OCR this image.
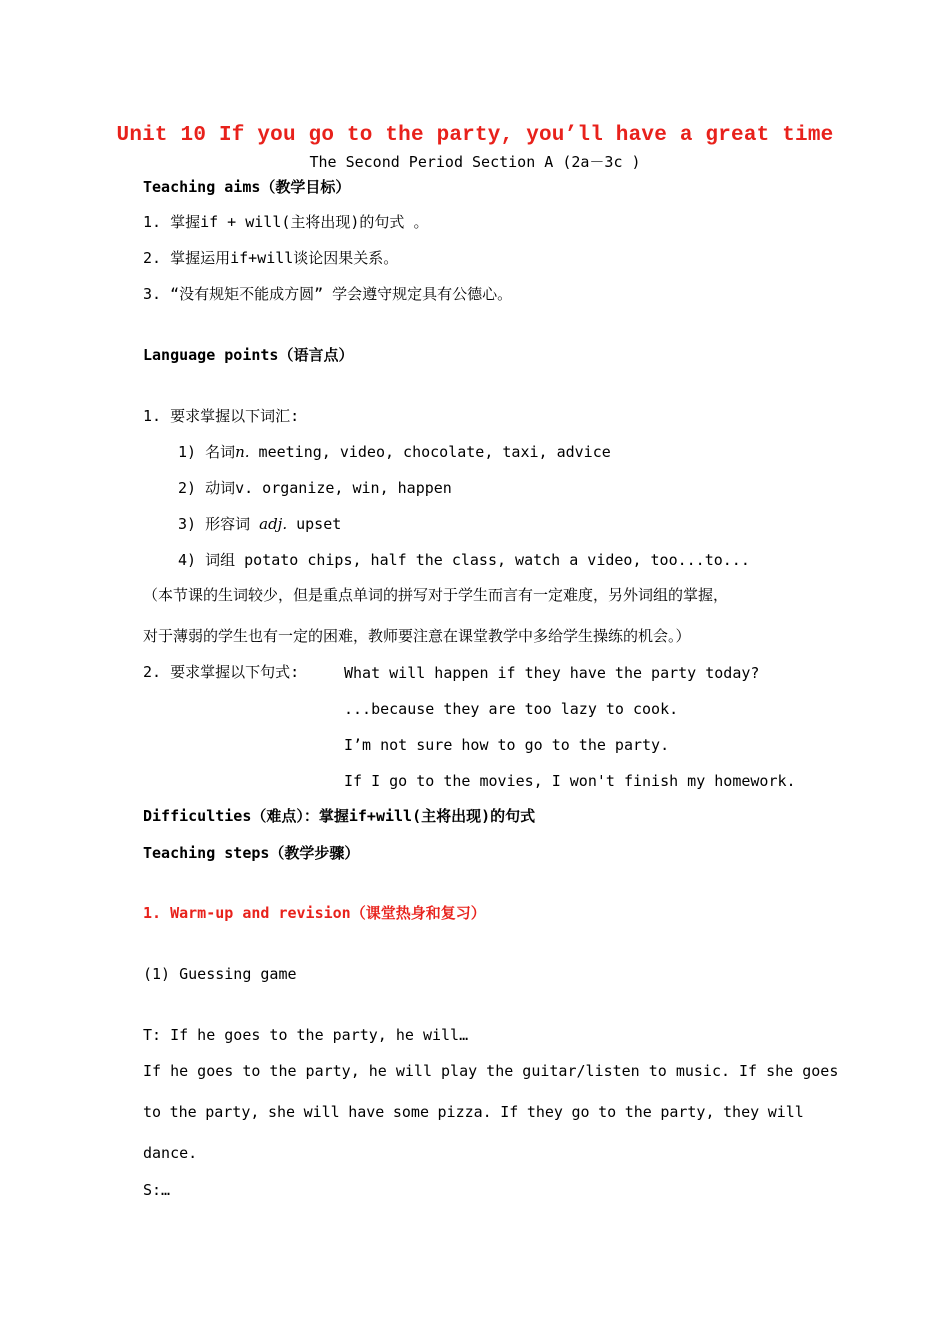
Unit 10 If you go to the party, you’ll have a great time
The Second Period Section A (2a－3c )
Teaching aims（教学目标）
1. 掌握if + will(主将出现)的句式 。
2. 掌握运用if+will谈论因果关系。
3. “没有规矩不能成方圆” 学会遵守规定具有公德心。
Language points（语言点）
1. 要求掌握以下词汇:
1) 名词n. meeting, video, chocolate, taxi, advice
2) 动词v. organize, win, happen
3) 形容词 adj. upset
4) 词组 potato chips, half the class, watch a video, too...to...
（本节课的生词较少，但是重点单词的拼写对于学生而言有一定难度，另外词组的掌握，
对于薄弱的学生也有一定的困难，教师要注意在课堂教学中多给学生操练的机会。）
2. 要求掌握以下句式:	What will happen if they have the party today?
...because they are too lazy to cook.
I’m not sure how to go to the party.
If I go to the movies, I won't finish my homework.
Difficulties（难点）：掌握if+will(主将出现)的句式
Teaching steps（教学步骤）
1. Warm-up and revision（课堂热身和复习）
(1) Guessing game
T: If he goes to the party, he will…
If he goes to the party, he will play the guitar/listen to music. If she goes
to the party, she will have some pizza. If they go to the party, they will
dance.
S:…
